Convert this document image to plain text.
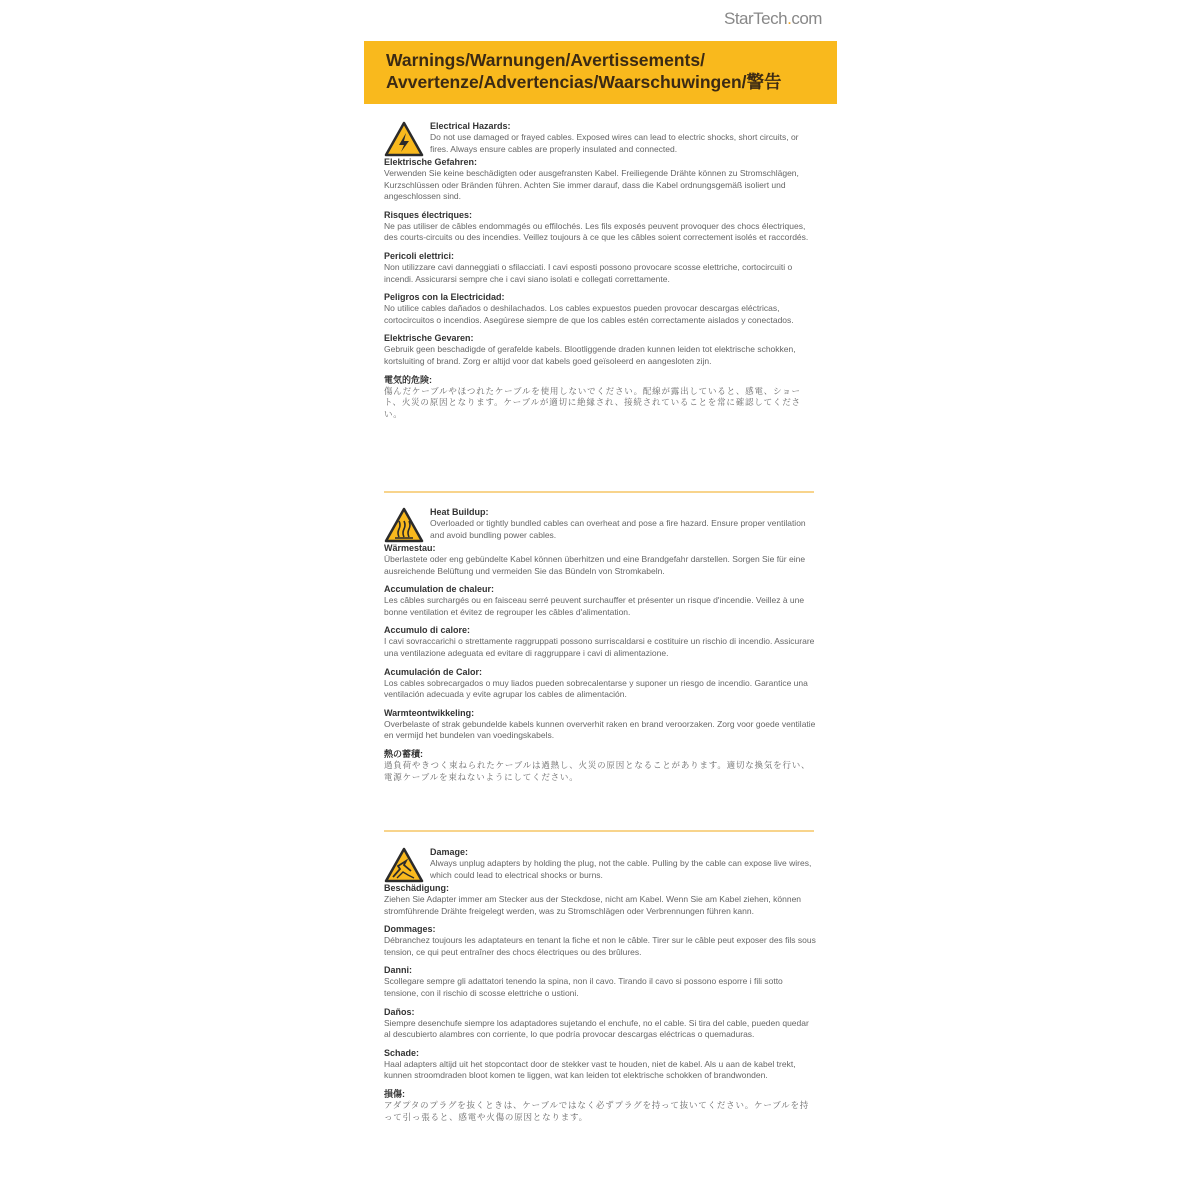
StarTech.com
Warnings/Warnungen/Avertissements/
Avvertenze/Advertencias/Waarschuwingen/警告
Electrical Hazards:
Do not use damaged or frayed cables. Exposed wires can lead to electric shocks, short circuits, or fires. Always ensure cables are properly insulated and connected.
Elektrische Gefahren:
Verwenden Sie keine beschädigten oder ausgefransten Kabel. Freiliegende Drähte können zu Stromschlägen, Kurzschlüssen oder Bränden führen. Achten Sie immer darauf, dass die Kabel ordnungsgemäß isoliert und angeschlossen sind.
Risques électriques:
Ne pas utiliser de câbles endommagés ou effilochés. Les fils exposés peuvent provoquer des chocs électriques, des courts-circuits ou des incendies. Veillez toujours à ce que les câbles soient correctement isolés et raccordés.
Pericoli elettrici:
Non utilizzare cavi danneggiati o sfilacciati. I cavi esposti possono provocare scosse elettriche, cortocircuiti o incendi. Assicurarsi sempre che i cavi siano isolati e collegati correttamente.
Peligros con la Electricidad:
No utilice cables dañados o deshilachados. Los cables expuestos pueden provocar descargas eléctricas, cortocircuitos o incendios. Asegúrese siempre de que los cables estén correctamente aislados y conectados.
Elektrische Gevaren:
Gebruik geen beschadigde of gerafelde kabels. Blootliggende draden kunnen leiden tot elektrische schokken, kortsluiting of brand. Zorg er altijd voor dat kabels goed geïsoleerd en aangesloten zijn.
電気的危険:
傷んだケーブルやほつれたケーブルを使用しないでください。配線が露出していると、感電、ショート、火災の原因となります。ケーブルが適切に絶縁され、接続されていることを常に確認してください。
Heat Buildup:
Overloaded or tightly bundled cables can overheat and pose a fire hazard. Ensure proper ventilation and avoid bundling power cables.
Wärmestau:
Überlastete oder eng gebündelte Kabel können überhitzen und eine Brandgefahr darstellen. Sorgen Sie für eine ausreichende Belüftung und vermeiden Sie das Bündeln von Stromkabeln.
Accumulation de chaleur:
Les câbles surchargés ou en faisceau serré peuvent surchauffer et présenter un risque d'incendie. Veillez à une bonne ventilation et évitez de regrouper les câbles d'alimentation.
Accumulo di calore:
I cavi sovraccarichi o strettamente raggruppati possono surriscaldarsi e costituire un rischio di incendio. Assicurare una ventilazione adeguata ed evitare di raggruppare i cavi di alimentazione.
Acumulación de Calor:
Los cables sobrecargados o muy liados pueden sobrecalentarse y suponer un riesgo de incendio. Garantice una ventilación adecuada y evite agrupar los cables de alimentación.
Warmteontwikkeling:
Overbelaste of strak gebundelde kabels kunnen oververhit raken en brand veroorzaken. Zorg voor goede ventilatie en vermijd het bundelen van voedingskabels.
熱の蓄積:
過負荷やきつく束ねられたケーブルは過熱し、火災の原因となることがあります。適切な換気を行い、電源ケーブルを束ねないようにしてください。
Damage:
Always unplug adapters by holding the plug, not the cable. Pulling by the cable can expose live wires, which could lead to electrical shocks or burns.
Beschädigung:
Ziehen Sie Adapter immer am Stecker aus der Steckdose, nicht am Kabel. Wenn Sie am Kabel ziehen, können stromführende Drähte freigelegt werden, was zu Stromschlägen oder Verbrennungen führen kann.
Dommages:
Débranchez toujours les adaptateurs en tenant la fiche et non le câble. Tirer sur le câble peut exposer des fils sous tension, ce qui peut entraîner des chocs électriques ou des brûlures.
Danni:
Scollegare sempre gli adattatori tenendo la spina, non il cavo. Tirando il cavo si possono esporre i fili sotto tensione, con il rischio di scosse elettriche o ustioni.
Daños:
Siempre desenchufe siempre los adaptadores sujetando el enchufe, no el cable. Si tira del cable, pueden quedar al descubierto alambres con corriente, lo que podría provocar descargas eléctricas o quemaduras.
Schade:
Haal adapters altijd uit het stopcontact door de stekker vast te houden, niet de kabel. Als u aan de kabel trekt, kunnen stroomdraden bloot komen te liggen, wat kan leiden tot elektrische schokken of brandwonden.
損傷:
アダプタのプラグを抜くときは、ケーブルではなく必ずプラグを持って抜いてください。ケーブルを持って引っ張ると、感電や火傷の原因となります。
